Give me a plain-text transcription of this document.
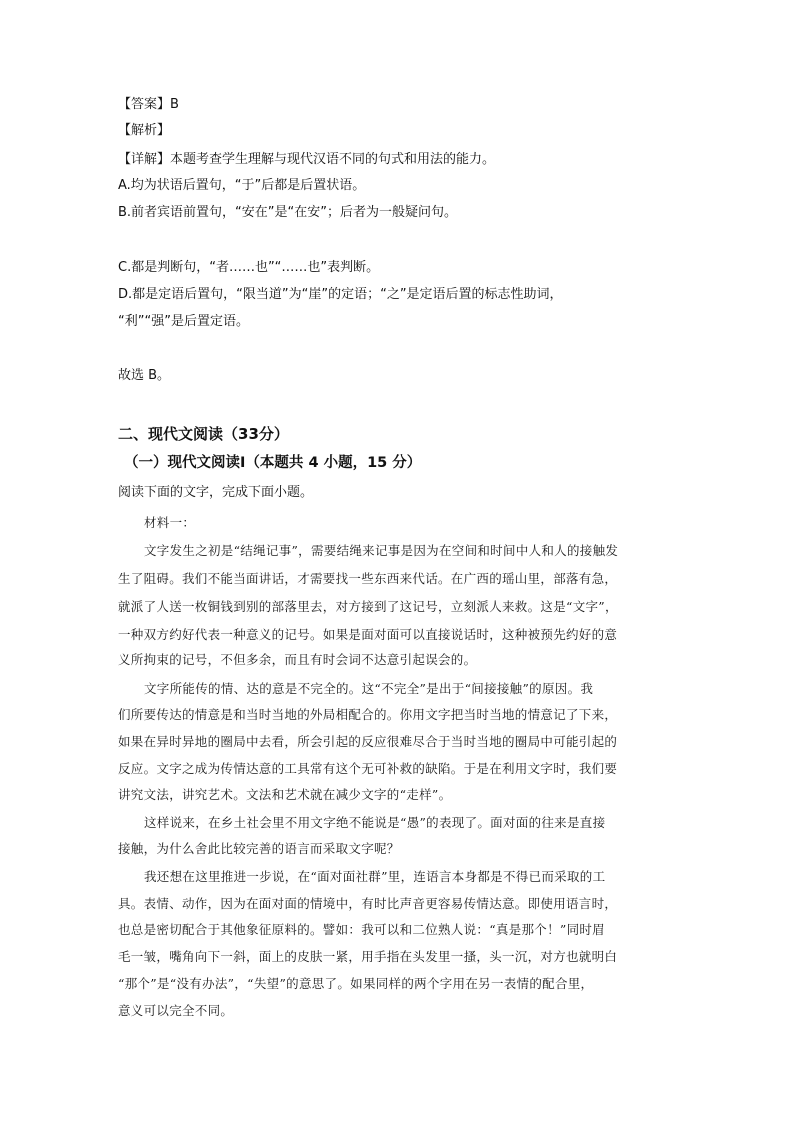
【答案】B
【解析】
【详解】本题考查学生理解与现代汉语不同的句式和用法的能力。
A.均为状语后置句，“于”后都是后置状语。
B.前者宾语前置句，“安在”是“在安”；后者为一般疑问句。
C.都是判断句，“者……也”“……也”表判断。
D.都是定语后置句，“限当道”为“崖”的定语；“之”是定语后置的标志性助词，
“利”“强”是后置定语。
故选 B。
二、现代文阅读（33分）
（一）现代文阅读Ⅰ（本题共 4 小题，15 分）
阅读下面的文字，完成下面小题。
材料一：
文字发生之初是“结绳记事”，需要结绳来记事是因为在空间和时间中人和人的接触发
生了阻碍。我们不能当面讲话，才需要找一些东西来代话。在广西的瑶山里，部落有急，
就派了人送一枚铜钱到别的部落里去，对方接到了这记号，立刻派人来救。这是“文字”，
一种双方约好代表一种意义的记号。如果是面对面可以直接说话时，这种被预先约好的意
义所拘束的记号，不但多余，而且有时会词不达意引起误会的。
文字所能传的情、达的意是不完全的。这“不完全”是出于“间接接触”的原因。我
们所要传达的情意是和当时当地的外局相配合的。你用文字把当时当地的情意记了下来，
如果在异时异地的圈局中去看，所会引起的反应很难尽合于当时当地的圈局中可能引起的
反应。文字之成为传情达意的工具常有这个无可补救的缺陷。于是在利用文字时，我们要
讲究文法，讲究艺术。文法和艺术就在减少文字的“走样”。
这样说来，在乡土社会里不用文字绝不能说是“愚”的表现了。面对面的往来是直接
接触，为什么舍此比较完善的语言而采取文字呢？
我还想在这里推进一步说，在“面对面社群”里，连语言本身都是不得已而采取的工
具。表情、动作，因为在面对面的情境中，有时比声音更容易传情达意。即使用语言时，
也总是密切配合于其他象征原料的。譬如：我可以和二位熟人说：“真是那个！”同时眉
毛一皱，嘴角向下一斜，面上的皮肤一紧，用手指在头发里一搔，头一沉，对方也就明白
“那个”是“没有办法”，“失望”的意思了。如果同样的两个字用在另一表情的配合里，
意义可以完全不同。
